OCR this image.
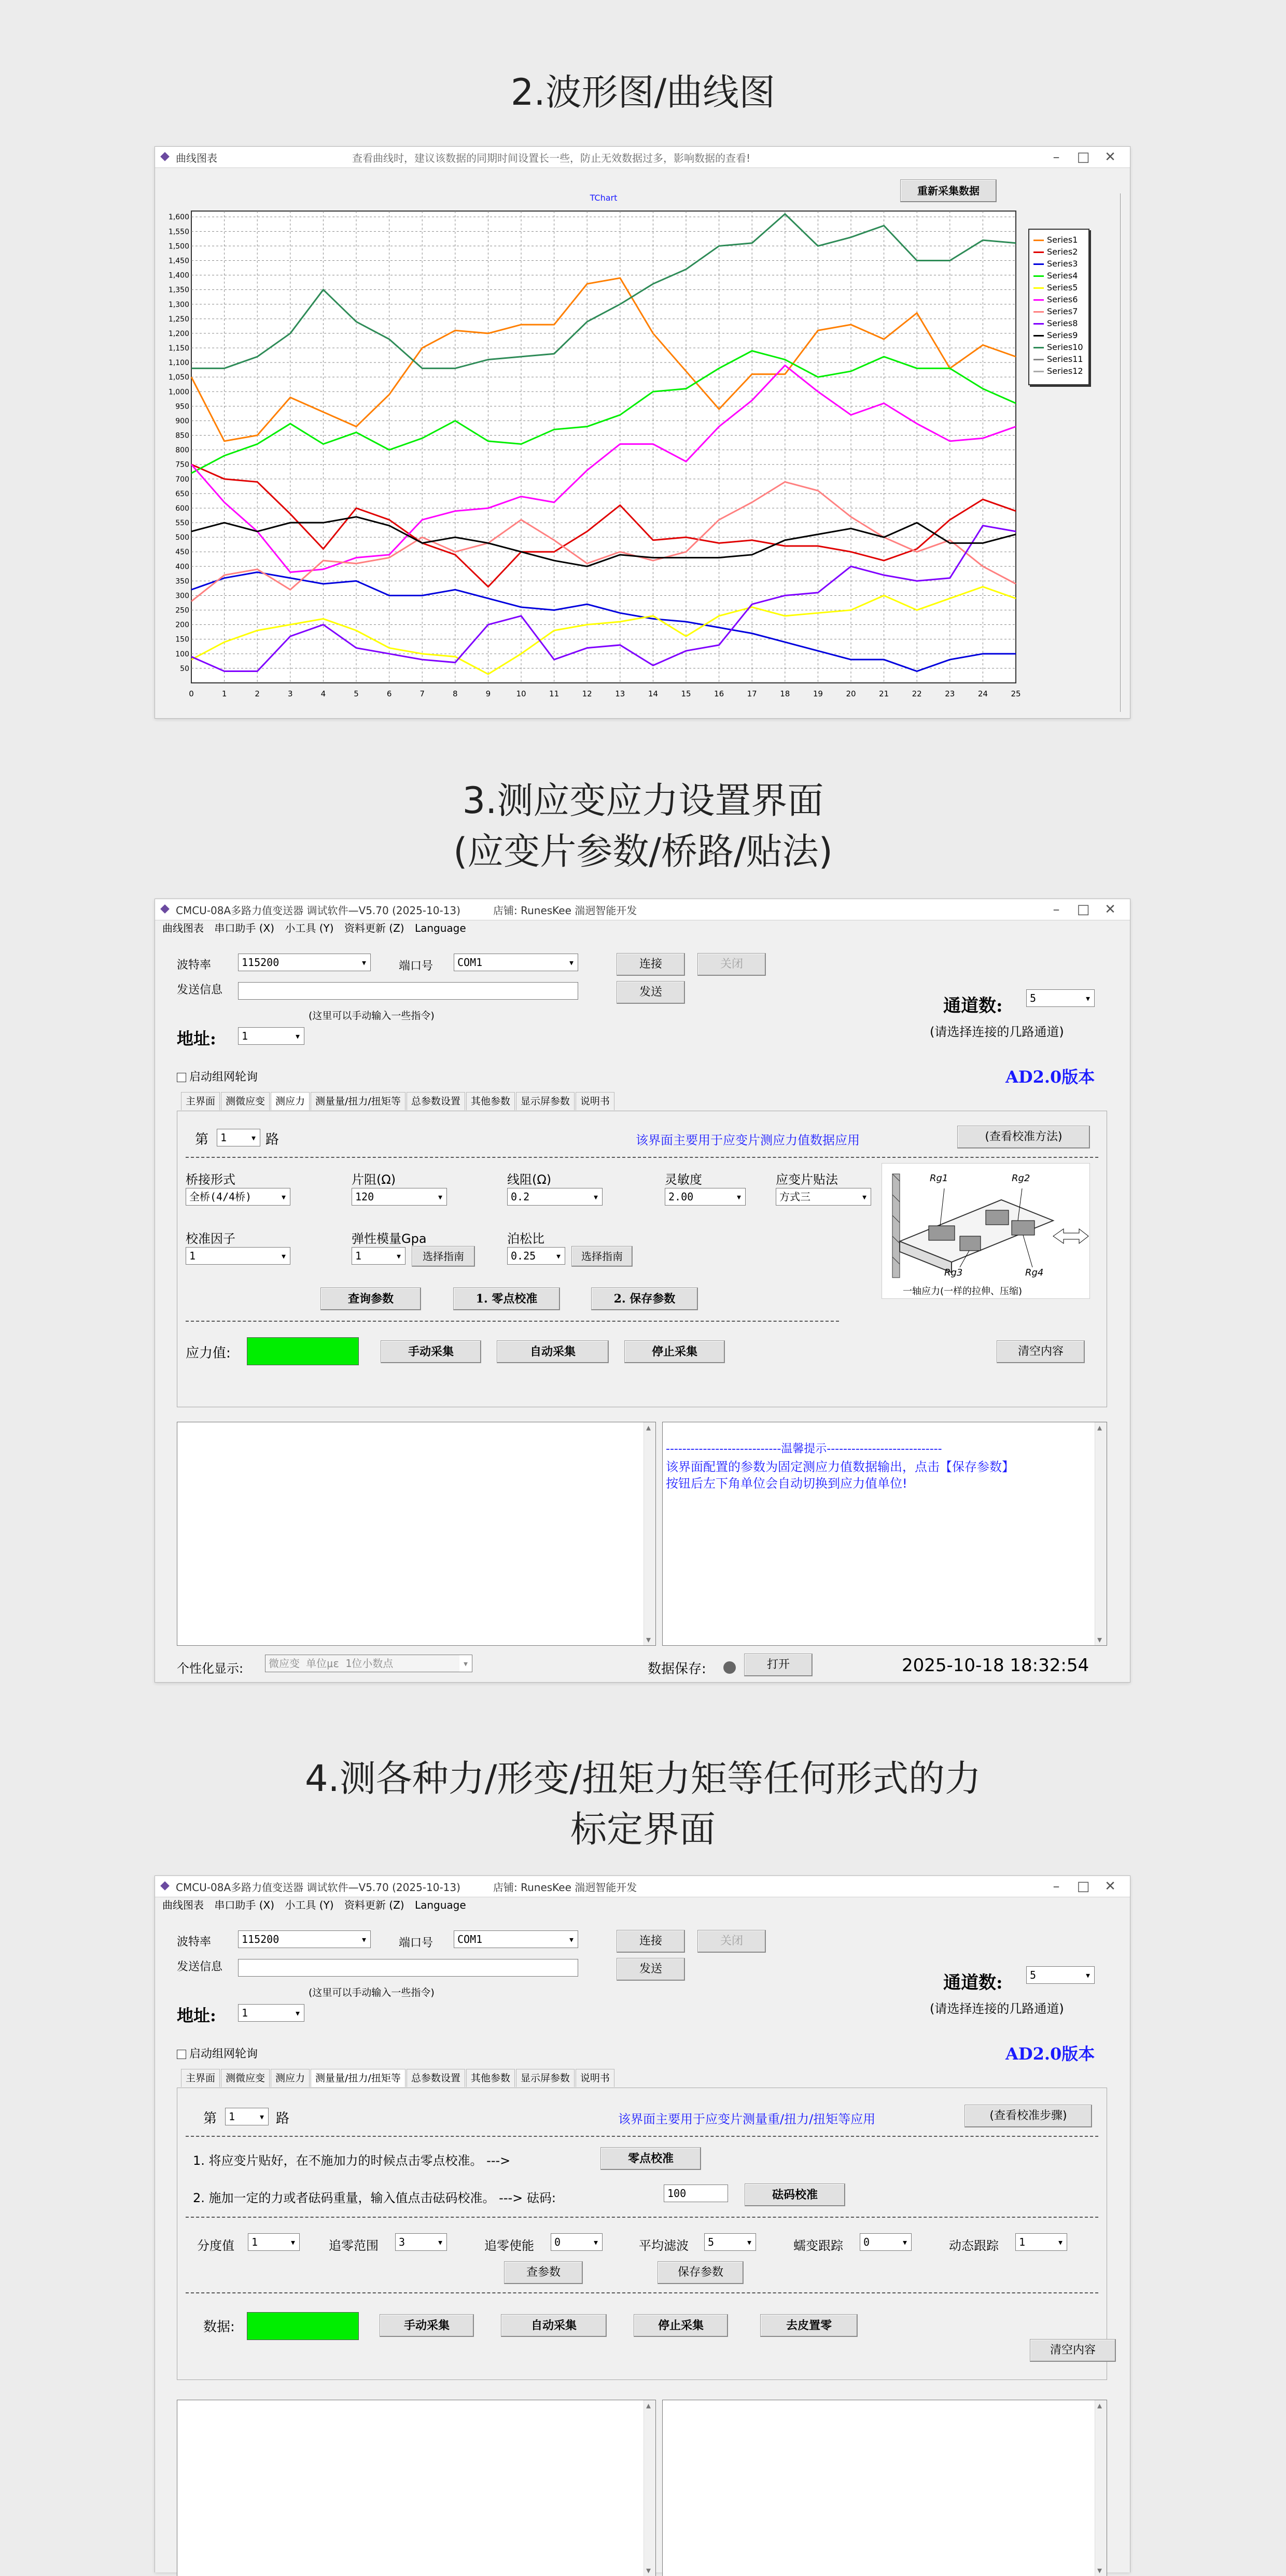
2.波形图/曲线图
曲线图表	查看曲线时，建议该数据的同期时间设置长一些，防止无效数据过多，影响数据的查看!	– □ ✕
重新采集数据
TChart
50
100
150
200
250
300
350
400
450
500
550
600
650
700
750
800
850
900
950
1,000
1,050
1,100
1,150
1,200
1,250
1,300
1,350
1,400
1,450
1,500
1,550
1,600
0	1	2	3	4	5	6	7	8	9	10	11	12	13	14	15	16	17	18	19	20	21	22	23	24	25
Series1
Series2
Series3
Series4
Series5
Series6
Series7
Series8
Series9
Series10
Series11
Series12
3.测应变应力设置界面
(应变片参数/桥路/贴法)
CMCU-08A多路力值变送器 调试软件—V5.70 (2025-10-13)	店铺: RunesKee 湍迥智能开发	– □ ✕
曲线图表 串口助手 (X) 小工具 (Y) 资料更新 (Z) Language
波特率	115200 ▾	端口号	COM1 ▾	连接	关闭
发送信息	发送
(这里可以手动输入一些指令)
地址:	1 ▾
通道数:	5 ▾
(请选择连接的几路通道)
启动组网轮询	AD2.0版本
主界面 测微应变 测应力 测量量/扭力/扭矩等 总参数设置 其他参数 显示屏参数 说明书
第	1 ▾	路	该界面主要用于应变片测应力值数据应用	(查看校准方法)
桥接形式
全桥(4/4桥) ▾
片阻(Ω)
120 ▾
线阻(Ω)
0.2 ▾
灵敏度
2.00 ▾
应变片贴法
方式三 ▾
校准因子
1 ▾
弹性模量Gpa
1 ▾	选择指南
泊松比
0.25 ▾	选择指南
Rg1	Rg2
Rg3	Rg4
一轴应力(一样的拉伸、压缩)
查询参数	1. 零点校准	2. 保存参数
应力值:	手动采集	自动采集	停止采集	清空内容
▴ ▾
----------------------------温馨提示----------------------------
该界面配置的参数为固定测应力值数据输出，点击【保存参数】
按钮后左下角单位会自动切换到应力值单位!
▴ ▾
个性化显示:	微应变 单位με 1位小数点 ▾	数据保存:	打开	2025-10-18 18:32:54
4.测各种力/形变/扭矩力矩等任何形式的力
标定界面
CMCU-08A多路力值变送器 调试软件—V5.70 (2025-10-13)	店铺: RunesKee 湍迥智能开发	– □ ✕
曲线图表 串口助手 (X) 小工具 (Y) 资料更新 (Z) Language
波特率	115200 ▾	端口号	COM1 ▾	连接	关闭
发送信息	发送
(这里可以手动输入一些指令)
地址:	1 ▾
通道数:	5 ▾
(请选择连接的几路通道)
启动组网轮询	AD2.0版本
主界面 测微应变 测应力 测量量/扭力/扭矩等 总参数设置 其他参数 显示屏参数 说明书
第	1 ▾	路	该界面主要用于应变片测量重/扭力/扭矩等应用	(查看校准步骤)
1. 将应变片贴好，在不施加力的时候点击零点校准。 --->	零点校准
2. 施加一定的力或者砝码重量，输入值点击砝码校准。 ---> 砝码:	100	砝码校准
分度值	1 ▾	追零范围	3 ▾	追零使能	0 ▾	平均滤波	5 ▾	蠕变跟踪	0 ▾	动态跟踪	1 ▾
查参数	保存参数
数据:	手动采集	自动采集	停止采集	去皮置零
清空内容
▴ ▾
▴ ▾
